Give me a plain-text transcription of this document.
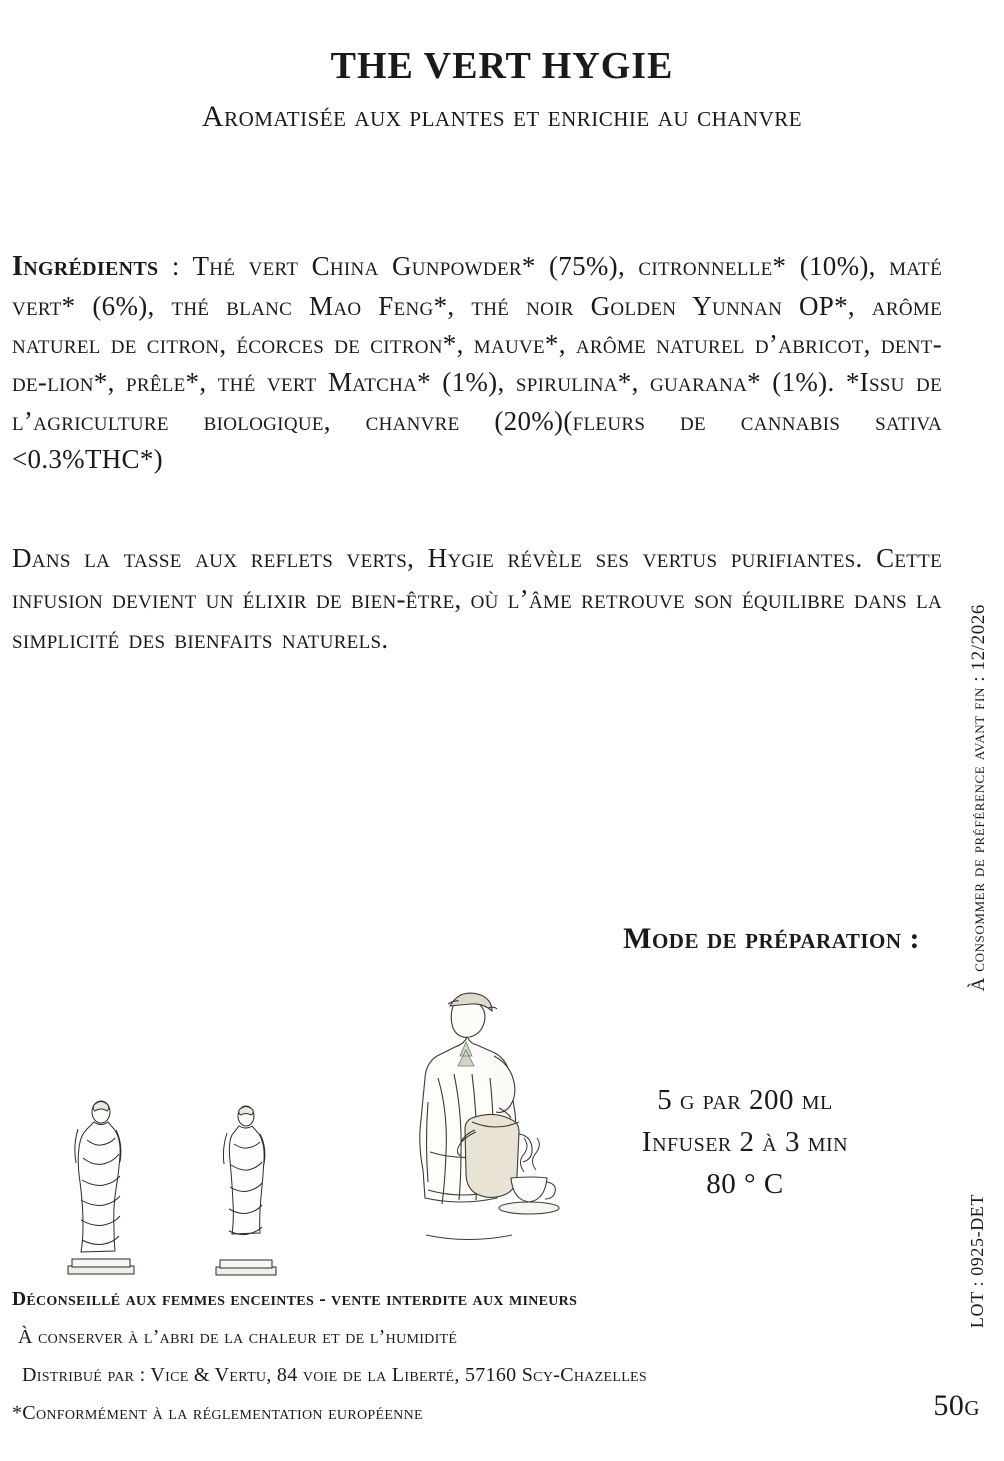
THE VERT HYGIE
Aromatisée aux plantes et enrichie au chanvre

Ingrédients : Thé vert China Gunpowder* (75%), citronnelle* (10%), maté vert* (6%), thé blanc Mao Feng*, thé noir Golden Yunnan OP*, arôme naturel de citron, écorces de citron*, mauve*, arôme naturel d’abricot, dent-de-lion*, prêle*, thé vert Matcha* (1%), spirulina*, guarana* (1%). *Issu de l’agriculture biologique, chanvre (20%)(fleurs de cannabis sativa <0.3%THC*)

Dans la tasse aux reflets verts, Hygie révèle ses vertus purifiantes. Cette infusion devient un élixir de bien-être, où l’âme retrouve son équilibre dans la simplicité des bienfaits naturels.

Mode de préparation :
5 g par 200 ml
Infuser 2 à 3 min
80 ° C
À consommer de préférence avant fin : 12/2026
LOT : 0925-DET
50g
Déconseillé aux femmes enceintes - vente interdite aux mineurs
À conserver à l’abri de la chaleur et de l’humidité
Distribué par : Vice & Vertu, 84 voie de la Liberté, 57160 Scy-Chazelles
*Conformément à la réglementation européenne
